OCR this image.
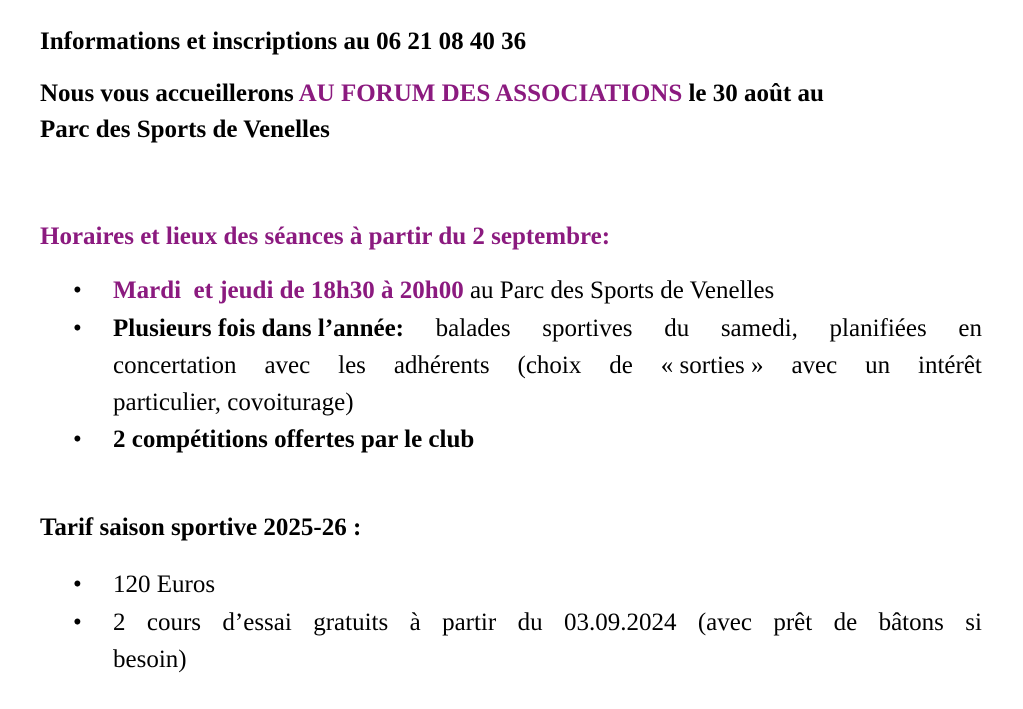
Informations et inscriptions au 06 21 08 40 36
Nous vous accueillerons AU FORUM DES ASSOCIATIONS le 30 août au
Parc des Sports de Venelles
Horaires et lieux des séances à partir du 2 septembre:
• Mardi  et jeudi de 18h30 à 20h00 au Parc des Sports de Venelles
• Plusieurs fois dans l’année: balades sportives du samedi, planifiées en
concertation avec les adhérents (choix de « sorties » avec un intérêt
particulier, covoiturage)
• 2 compétitions offertes par le club
Tarif saison sportive 2025-26 :
• 120 Euros
• 2 cours d’essai gratuits à partir du 03.09.2024 (avec prêt de bâtons si
besoin)
